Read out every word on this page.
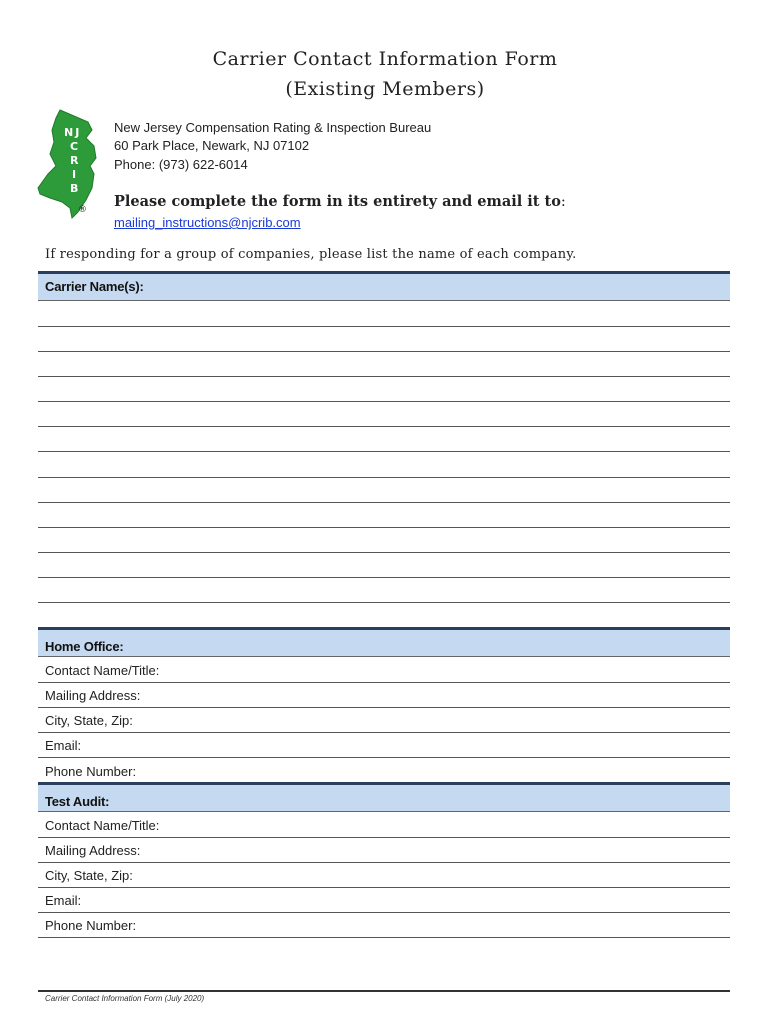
Carrier Contact Information Form
(Existing Members)
NJ
C
R
I
B
®
New Jersey Compensation Rating & Inspection Bureau
60 Park Place, Newark, NJ 07102
Phone: (973) 622-6014
Please complete the form in its entirety and email it to:
mailing_instructions@njcrib.com
If responding for a group of companies, please list the name of each company.
Carrier Name(s):
Home Office:
Contact Name/Title:
Mailing Address:
City, State, Zip:
Email:
Phone Number:
Test Audit:
Contact Name/Title:
Mailing Address:
City, State, Zip:
Email:
Phone Number:
Carrier Contact Information Form (July 2020)
